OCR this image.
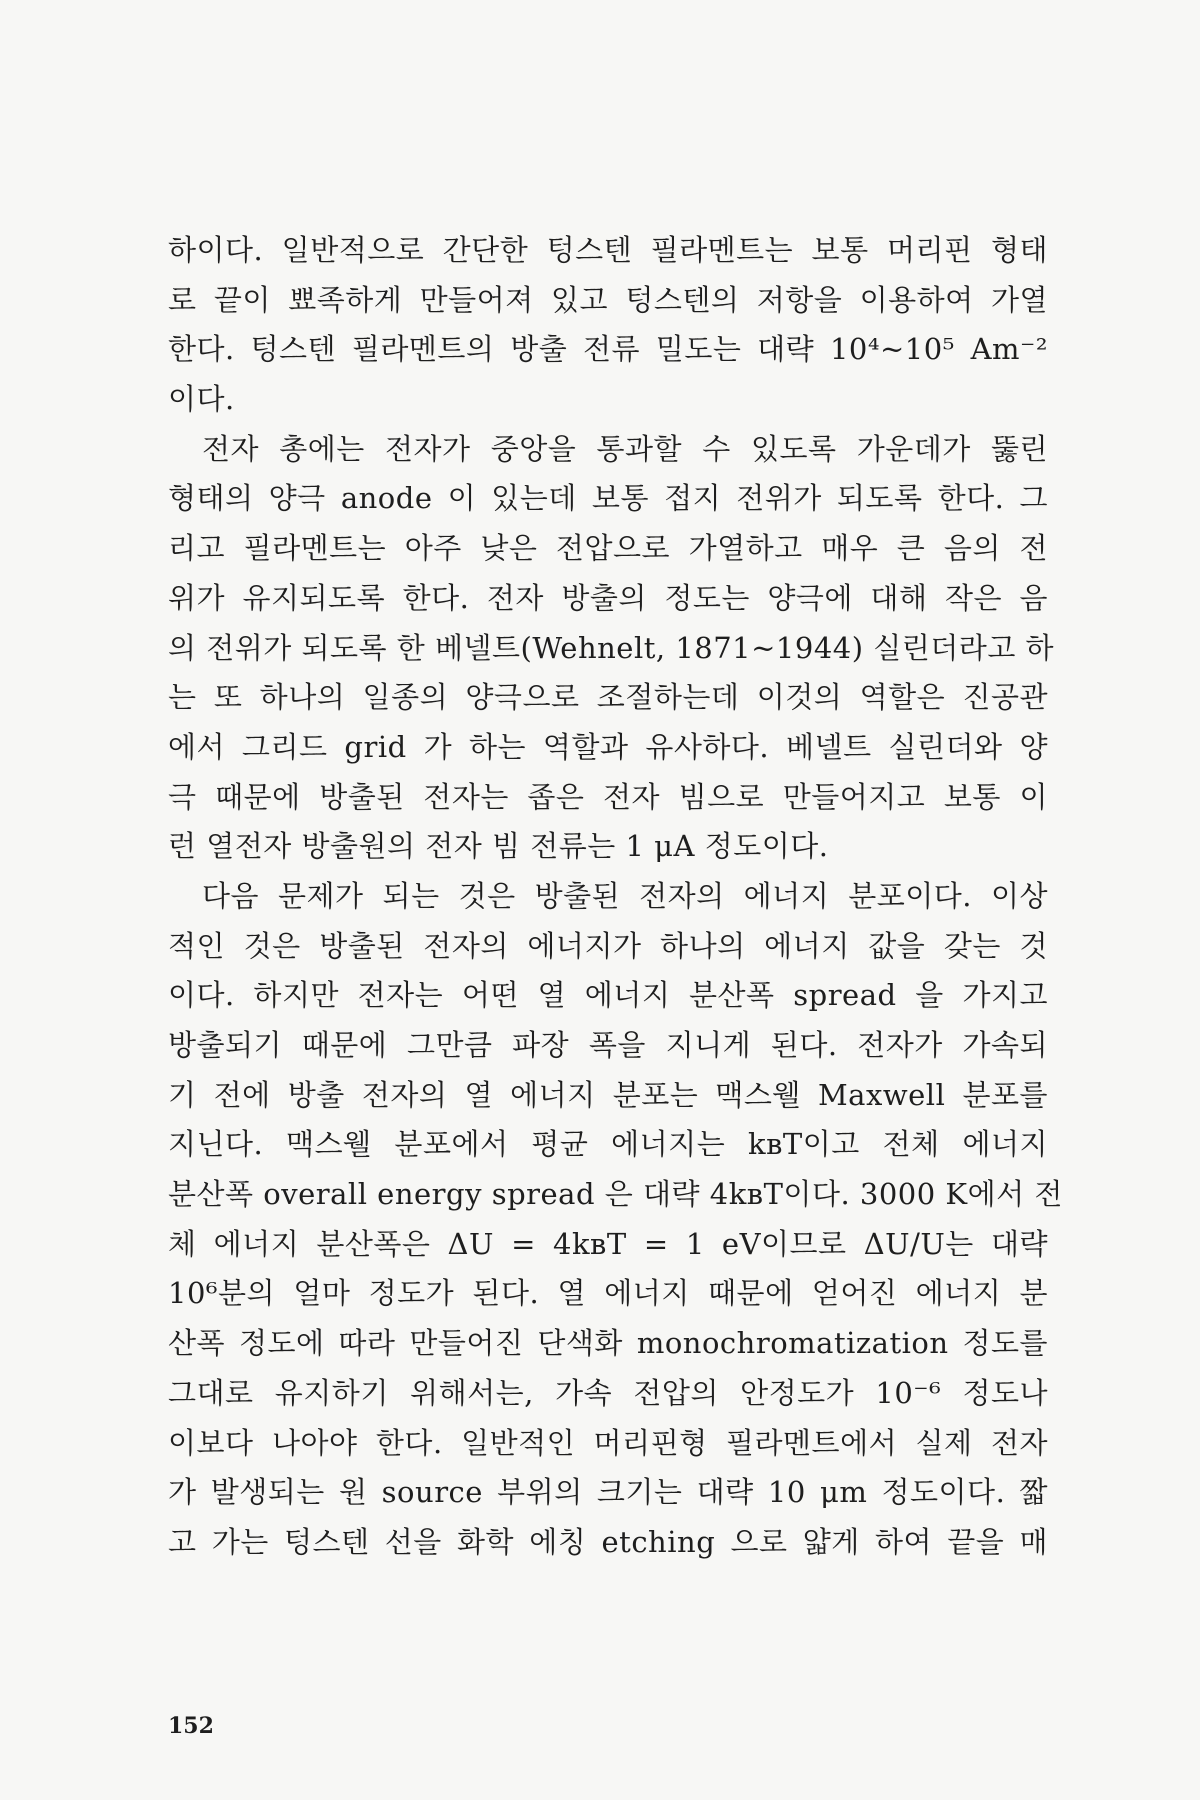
하이다. 일반적으로 간단한 텅스텐 필라멘트는 보통 머리핀 형태
로 끝이 뾰족하게 만들어져 있고 텅스텐의 저항을 이용하여 가열
한다. 텅스텐 필라멘트의 방출 전류 밀도는 대략 10⁴~10⁵ Am⁻²
이다.
전자 총에는 전자가 중앙을 통과할 수 있도록 가운데가 뚫린
형태의 양극 anode 이 있는데 보통 접지 전위가 되도록 한다. 그
리고 필라멘트는 아주 낮은 전압으로 가열하고 매우 큰 음의 전
위가 유지되도록 한다. 전자 방출의 정도는 양극에 대해 작은 음
의 전위가 되도록 한 베넬트(Wehnelt, 1871~1944) 실린더라고 하
는 또 하나의 일종의 양극으로 조절하는데 이것의 역할은 진공관
에서 그리드 grid 가 하는 역할과 유사하다. 베넬트 실린더와 양
극 때문에 방출된 전자는 좁은 전자 빔으로 만들어지고 보통 이
런 열전자 방출원의 전자 빔 전류는 1 μA 정도이다.
다음 문제가 되는 것은 방출된 전자의 에너지 분포이다. 이상
적인 것은 방출된 전자의 에너지가 하나의 에너지 값을 갖는 것
이다. 하지만 전자는 어떤 열 에너지 분산폭 spread 을 가지고
방출되기 때문에 그만큼 파장 폭을 지니게 된다. 전자가 가속되
기 전에 방출 전자의 열 에너지 분포는 맥스웰 Maxwell 분포를
지닌다. 맥스웰 분포에서 평균 에너지는 kʙT이고 전체 에너지
분산폭 overall energy spread 은 대략 4kʙT이다. 3000 K에서 전
체 에너지 분산폭은 ΔU = 4kʙT = 1 eV이므로 ΔU/U는 대략
10⁶분의 얼마 정도가 된다. 열 에너지 때문에 얻어진 에너지 분
산폭 정도에 따라 만들어진 단색화 monochromatization 정도를
그대로 유지하기 위해서는, 가속 전압의 안정도가 10⁻⁶ 정도나
이보다 나아야 한다. 일반적인 머리핀형 필라멘트에서 실제 전자
가 발생되는 원 source 부위의 크기는 대략 10 μm 정도이다. 짧
고 가는 텅스텐 선을 화학 에칭 etching 으로 얇게 하여 끝을 매
152
